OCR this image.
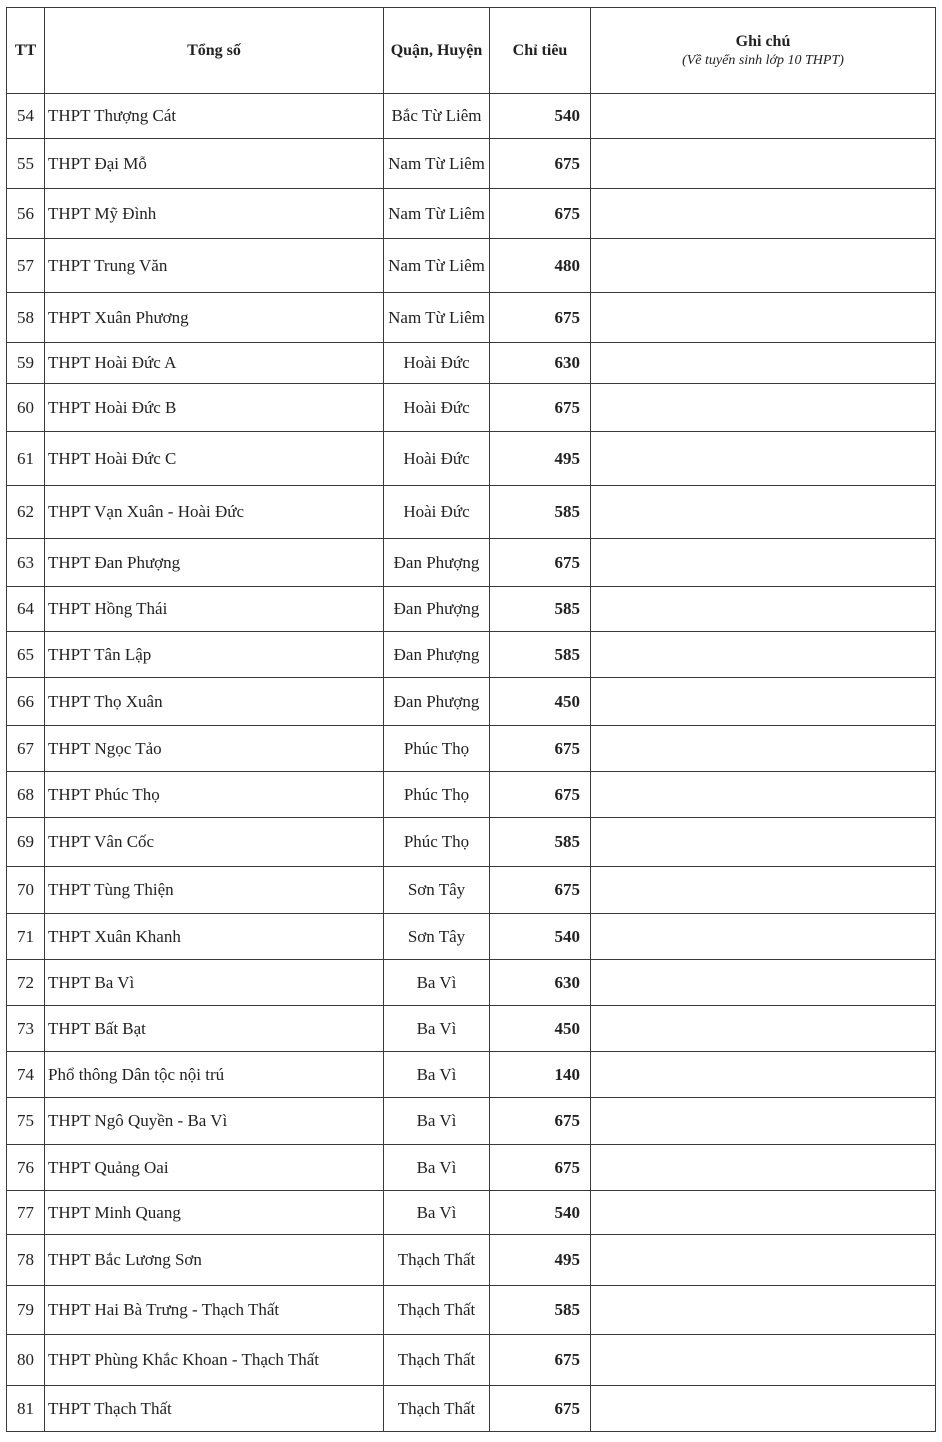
TT	Tổng số	Quận, Huyện	Chỉ tiêu	Ghi chú
(Về tuyển sinh lớp 10 THPT)

54	THPT Thượng Cát	Bắc Từ Liêm	540	
55	THPT Đại Mỗ	Nam Từ Liêm	675	
56	THPT Mỹ Đình	Nam Từ Liêm	675	
57	THPT Trung Văn	Nam Từ Liêm	480	
58	THPT Xuân Phương	Nam Từ Liêm	675	
59	THPT Hoài Đức A	Hoài Đức	630	
60	THPT Hoài Đức B	Hoài Đức	675	
61	THPT Hoài Đức C	Hoài Đức	495	
62	THPT Vạn Xuân - Hoài Đức	Hoài Đức	585	
63	THPT Đan Phượng	Đan Phượng	675	
64	THPT Hồng Thái	Đan Phượng	585	
65	THPT Tân Lập	Đan Phượng	585	
66	THPT Thọ Xuân	Đan Phượng	450	
67	THPT Ngọc Tảo	Phúc Thọ	675	
68	THPT Phúc Thọ	Phúc Thọ	675	
69	THPT Vân Cốc	Phúc Thọ	585	
70	THPT Tùng Thiện	Sơn Tây	675	
71	THPT Xuân Khanh	Sơn Tây	540	
72	THPT Ba Vì	Ba Vì	630	
73	THPT Bất Bạt	Ba Vì	450	
74	Phổ thông Dân tộc nội trú	Ba Vì	140	
75	THPT Ngô Quyền - Ba Vì	Ba Vì	675	
76	THPT Quảng Oai	Ba Vì	675	
77	THPT Minh Quang	Ba Vì	540	
78	THPT Bắc Lương Sơn	Thạch Thất	495	
79	THPT Hai Bà Trưng - Thạch Thất	Thạch Thất	585	
80	THPT Phùng Khắc Khoan - Thạch Thất	Thạch Thất	675	
81	THPT Thạch Thất	Thạch Thất	675	
